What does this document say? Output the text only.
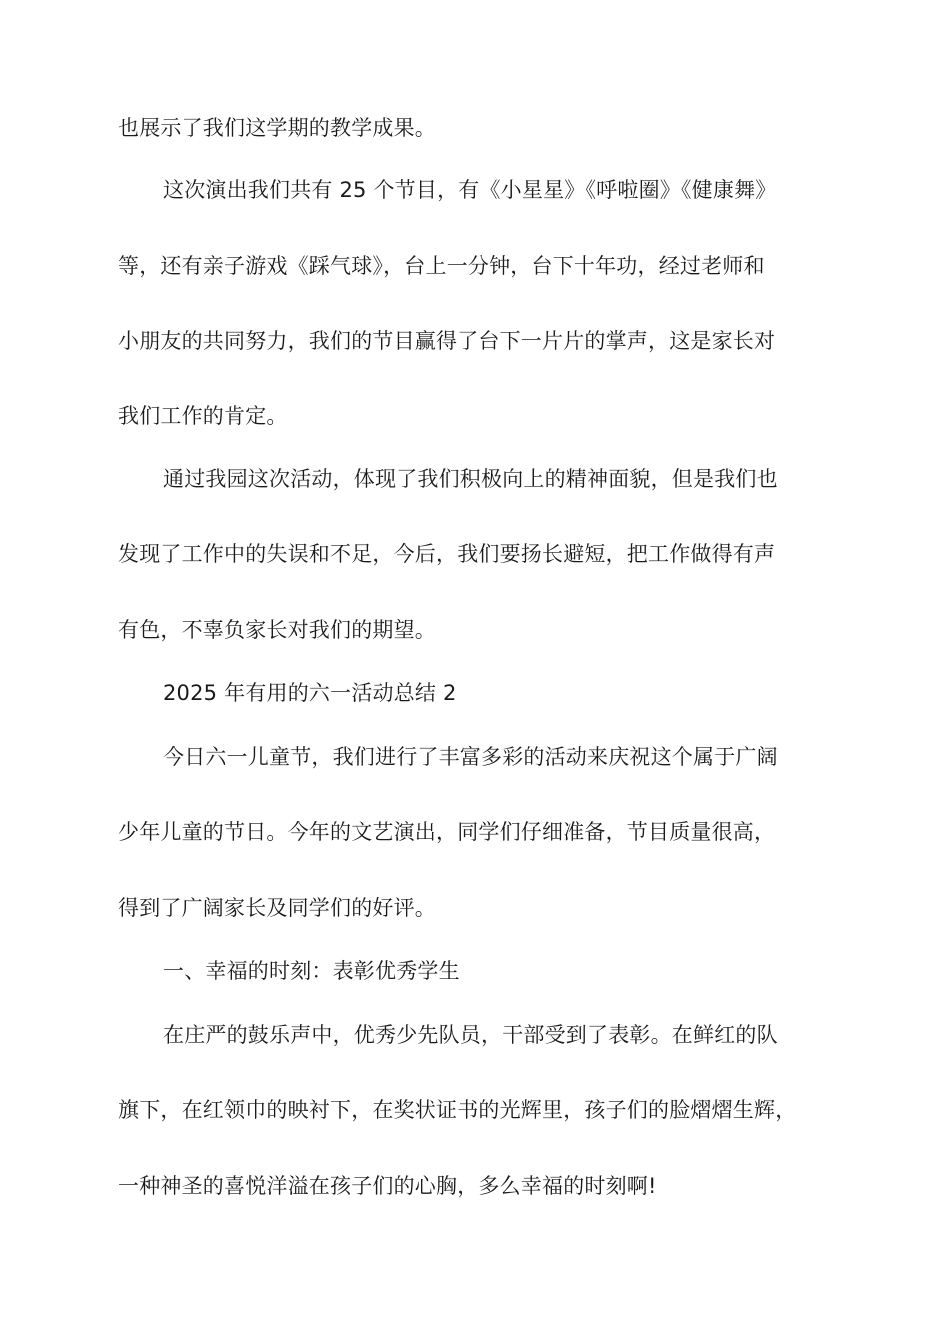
也展示了我们这学期的教学成果。
这次演出我们共有 25 个节目，有《小星星》《呼啦圈》《健康舞》
等，还有亲子游戏《踩气球》，台上一分钟，台下十年功，经过老师和
小朋友的共同努力，我们的节目赢得了台下一片片的掌声，这是家长对
我们工作的肯定。
通过我园这次活动，体现了我们积极向上的精神面貌，但是我们也
发现了工作中的失误和不足，今后，我们要扬长避短，把工作做得有声
有色，不辜负家长对我们的期望。
2025 年有用的六一活动总结 2
今日六一儿童节，我们进行了丰富多彩的活动来庆祝这个属于广阔
少年儿童的节日。今年的文艺演出，同学们仔细准备，节目质量很高，
得到了广阔家长及同学们的好评。
一、幸福的时刻：表彰优秀学生
在庄严的鼓乐声中，优秀少先队员，干部受到了表彰。在鲜红的队
旗下，在红领巾的映衬下，在奖状证书的光辉里，孩子们的脸熠熠生辉，
一种神圣的喜悦洋溢在孩子们的心胸，多么幸福的时刻啊!
